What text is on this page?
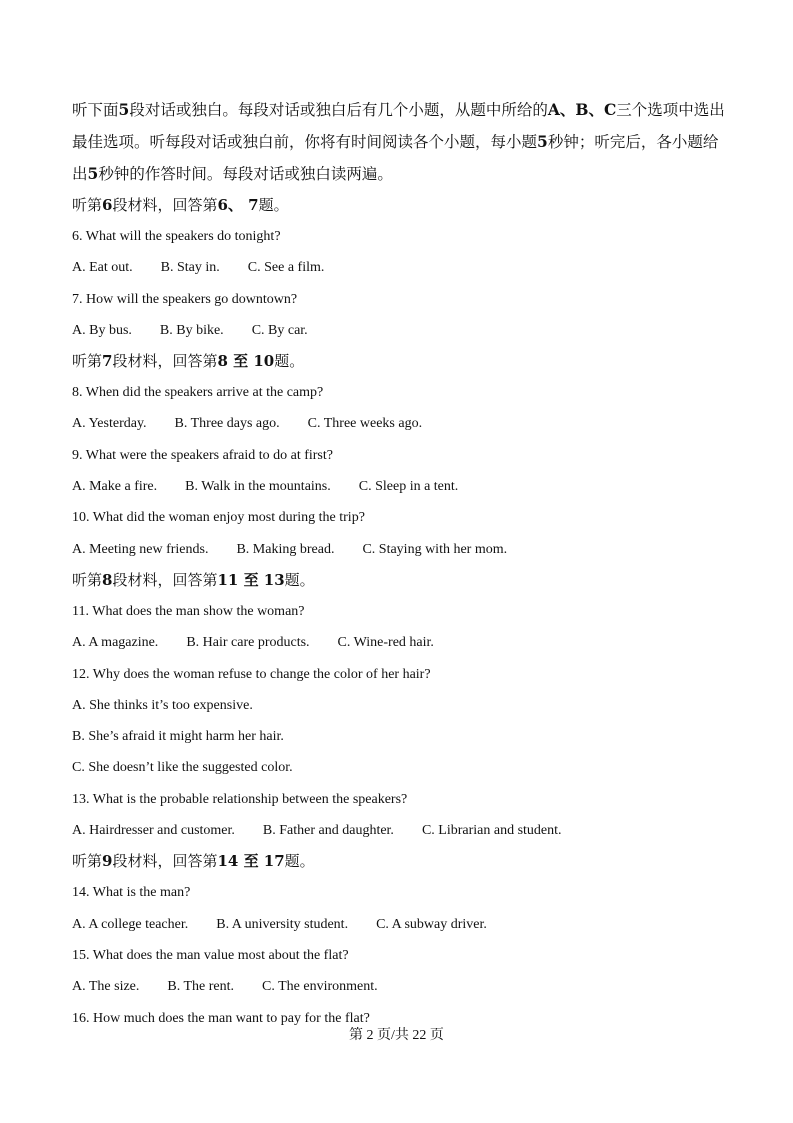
听下面5段对话或独白。每段对话或独白后有几个小题，从题中所给的A、B、C三个选项中选出最佳选项。听每段对话或独白前，你将有时间阅读各个小题，每小题5秒钟；听完后，各小题给出5秒钟的作答时间。每段对话或独白读两遍。

听第6段材料，回答第6、 7题。

6. What will the speakers do tonight?

A. Eat out. B. Stay in. C. See a film.

7. How will the speakers go downtown?

A. By bus. B. By bike. C. By car.

听第7段材料，回答第8 至 10题。

8. When did the speakers arrive at the camp?

A. Yesterday. B. Three days ago. C. Three weeks ago.

9. What were the speakers afraid to do at first?

A. Make a fire. B. Walk in the mountains. C. Sleep in a tent.

10. What did the woman enjoy most during the trip?

A. Meeting new friends. B. Making bread. C. Staying with her mom.

听第8段材料，回答第11 至 13题。

11. What does the man show the woman?

A. A magazine. B. Hair care products. C. Wine-red hair.

12. Why does the woman refuse to change the color of her hair?

A. She thinks it’s too expensive.

B. She’s afraid it might harm her hair.

C. She doesn’t like the suggested color.

13. What is the probable relationship between the speakers?

A. Hairdresser and customer. B. Father and daughter. C. Librarian and student.

听第9段材料，回答第14 至 17题。

14. What is the man?

A. A college teacher. B. A university student. C. A subway driver.

15. What does the man value most about the flat?

A. The size. B. The rent. C. The environment.

16. How much does the man want to pay for the flat?

第 2 页/共 22 页
